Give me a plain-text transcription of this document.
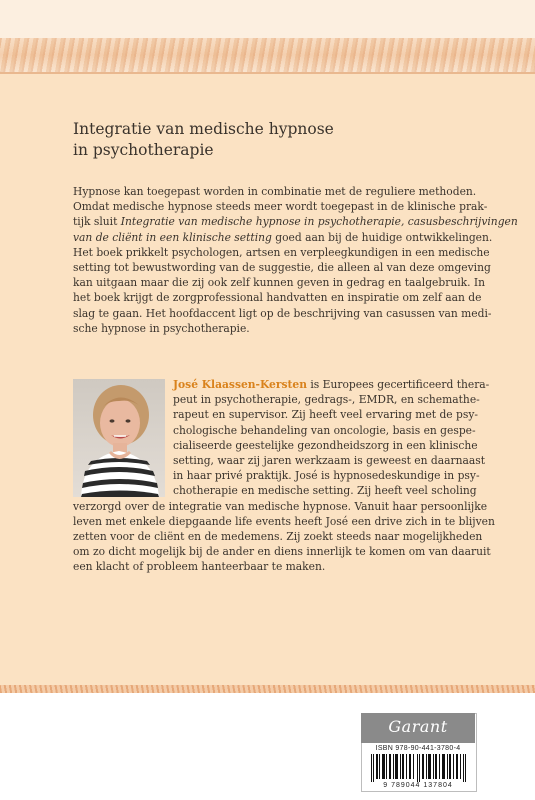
Integratie van medische hypnose
in psychotherapie
Hypnose kan toegepast worden in combinatie met de reguliere methoden.
Omdat medische hypnose steeds meer wordt toegepast in de klinische prak-
tijk sluit Integratie van medische hypnose in psychotherapie, casusbeschrijvingen
van de cliënt in een klinische setting goed aan bij de huidige ontwikkelingen.
Het boek prikkelt psychologen, artsen en verpleegkundigen in een medische
setting tot bewustwording van de suggestie, die alleen al van deze omgeving
kan uitgaan maar die zij ook zelf kunnen geven in gedrag en taalgebruik. In
het boek krijgt de zorgprofessional handvatten en inspiratie om zelf aan de
slag te gaan. Het hoofdaccent ligt op de beschrijving van casussen van medi-
sche hypnose in psychotherapie.
José Klaassen-Kersten is Europees gecertificeerd thera-
peut in psychotherapie, gedrags-, EMDR, en schemathe-
rapeut en supervisor. Zij heeft veel ervaring met de psy-
chologische behandeling van oncologie, basis en gespe-
cialiseerde geestelijke gezondheidszorg in een klinische
setting, waar zij jaren werkzaam is geweest en daarnaast
in haar privé praktijk. José is hypnosedeskundige in psy-
chotherapie en medische setting. Zij heeft veel scholing
verzorgd over de integratie van medische hypnose. Vanuit haar persoonlijke
leven met enkele diepgaande life events heeft José een drive zich in te blijven
zetten voor de cliënt en de medemens. Zij zoekt steeds naar mogelijkheden
om zo dicht mogelijk bij de ander en diens innerlijk te komen om van daaruit
een klacht of probleem hanteerbaar te maken.
Garant
ISBN 978-90-441-3780-4
9 789044 137804
